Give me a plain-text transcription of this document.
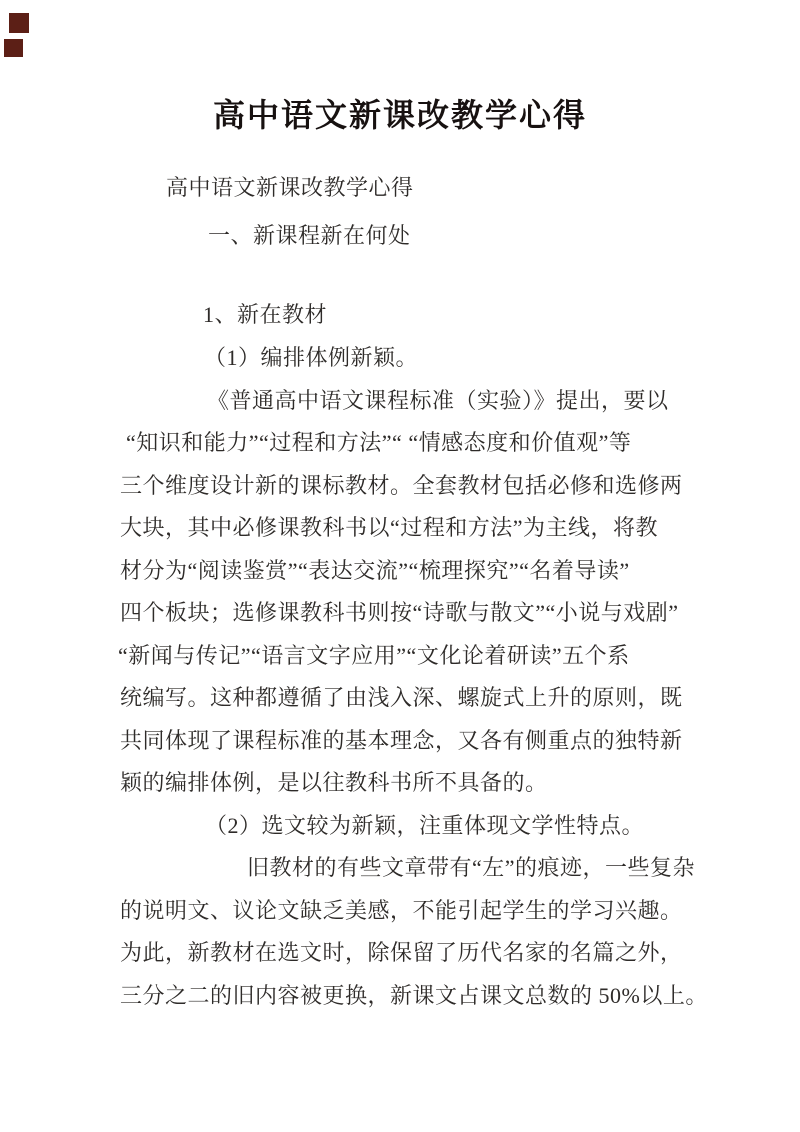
高中语文新课改教学心得
高中语文新课改教学心得
一、新课程新在何处
1、新在教材
（1）编排体例新颖。
《普通高中语文课程标准（实验）》提出，要以
“知识和能力”“过程和方法”“ “情感态度和价值观”等
三个维度设计新的课标教材。全套教材包括必修和选修两
大块，其中必修课教科书以“过程和方法”为主线，将教
材分为“阅读鉴赏”“表达交流”“梳理探究”“名着导读”
四个板块；选修课教科书则按“诗歌与散文”“小说与戏剧”
“新闻与传记”“语言文字应用”“文化论着研读”五个系
统编写。这种都遵循了由浅入深、螺旋式上升的原则，既
共同体现了课程标准的基本理念，又各有侧重点的独特新
颖的编排体例，是以往教科书所不具备的。
（2）选文较为新颖，注重体现文学性特点。
旧教材的有些文章带有“左”的痕迹，一些复杂
的说明文、议论文缺乏美感，不能引起学生的学习兴趣。
为此，新教材在选文时，除保留了历代名家的名篇之外，
三分之二的旧内容被更换，新课文占课文总数的 50%以上。
